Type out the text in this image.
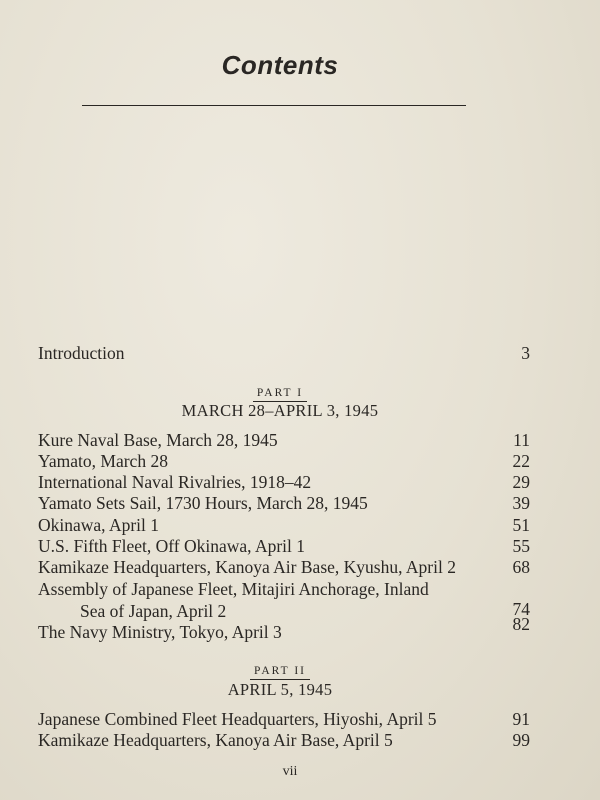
Contents
Introduction	3
PART I
MARCH 28–APRIL 3, 1945
Kure Naval Base, March 28, 1945	11
Yamato, March 28	22
International Naval Rivalries, 1918–42	29
Yamato Sets Sail, 1730 Hours, March 28, 1945	39
Okinawa, April 1	51
U.S. Fifth Fleet, Off Okinawa, April 1	55
Kamikaze Headquarters, Kanoya Air Base, Kyushu, April 2	68
Assembly of Japanese Fleet, Mitajiri Anchorage, Inland
Sea of Japan, April 2	74
The Navy Ministry, Tokyo, April 3	82
PART II
APRIL 5, 1945
Japanese Combined Fleet Headquarters, Hiyoshi, April 5	91
Kamikaze Headquarters, Kanoya Air Base, April 5	99
vii
